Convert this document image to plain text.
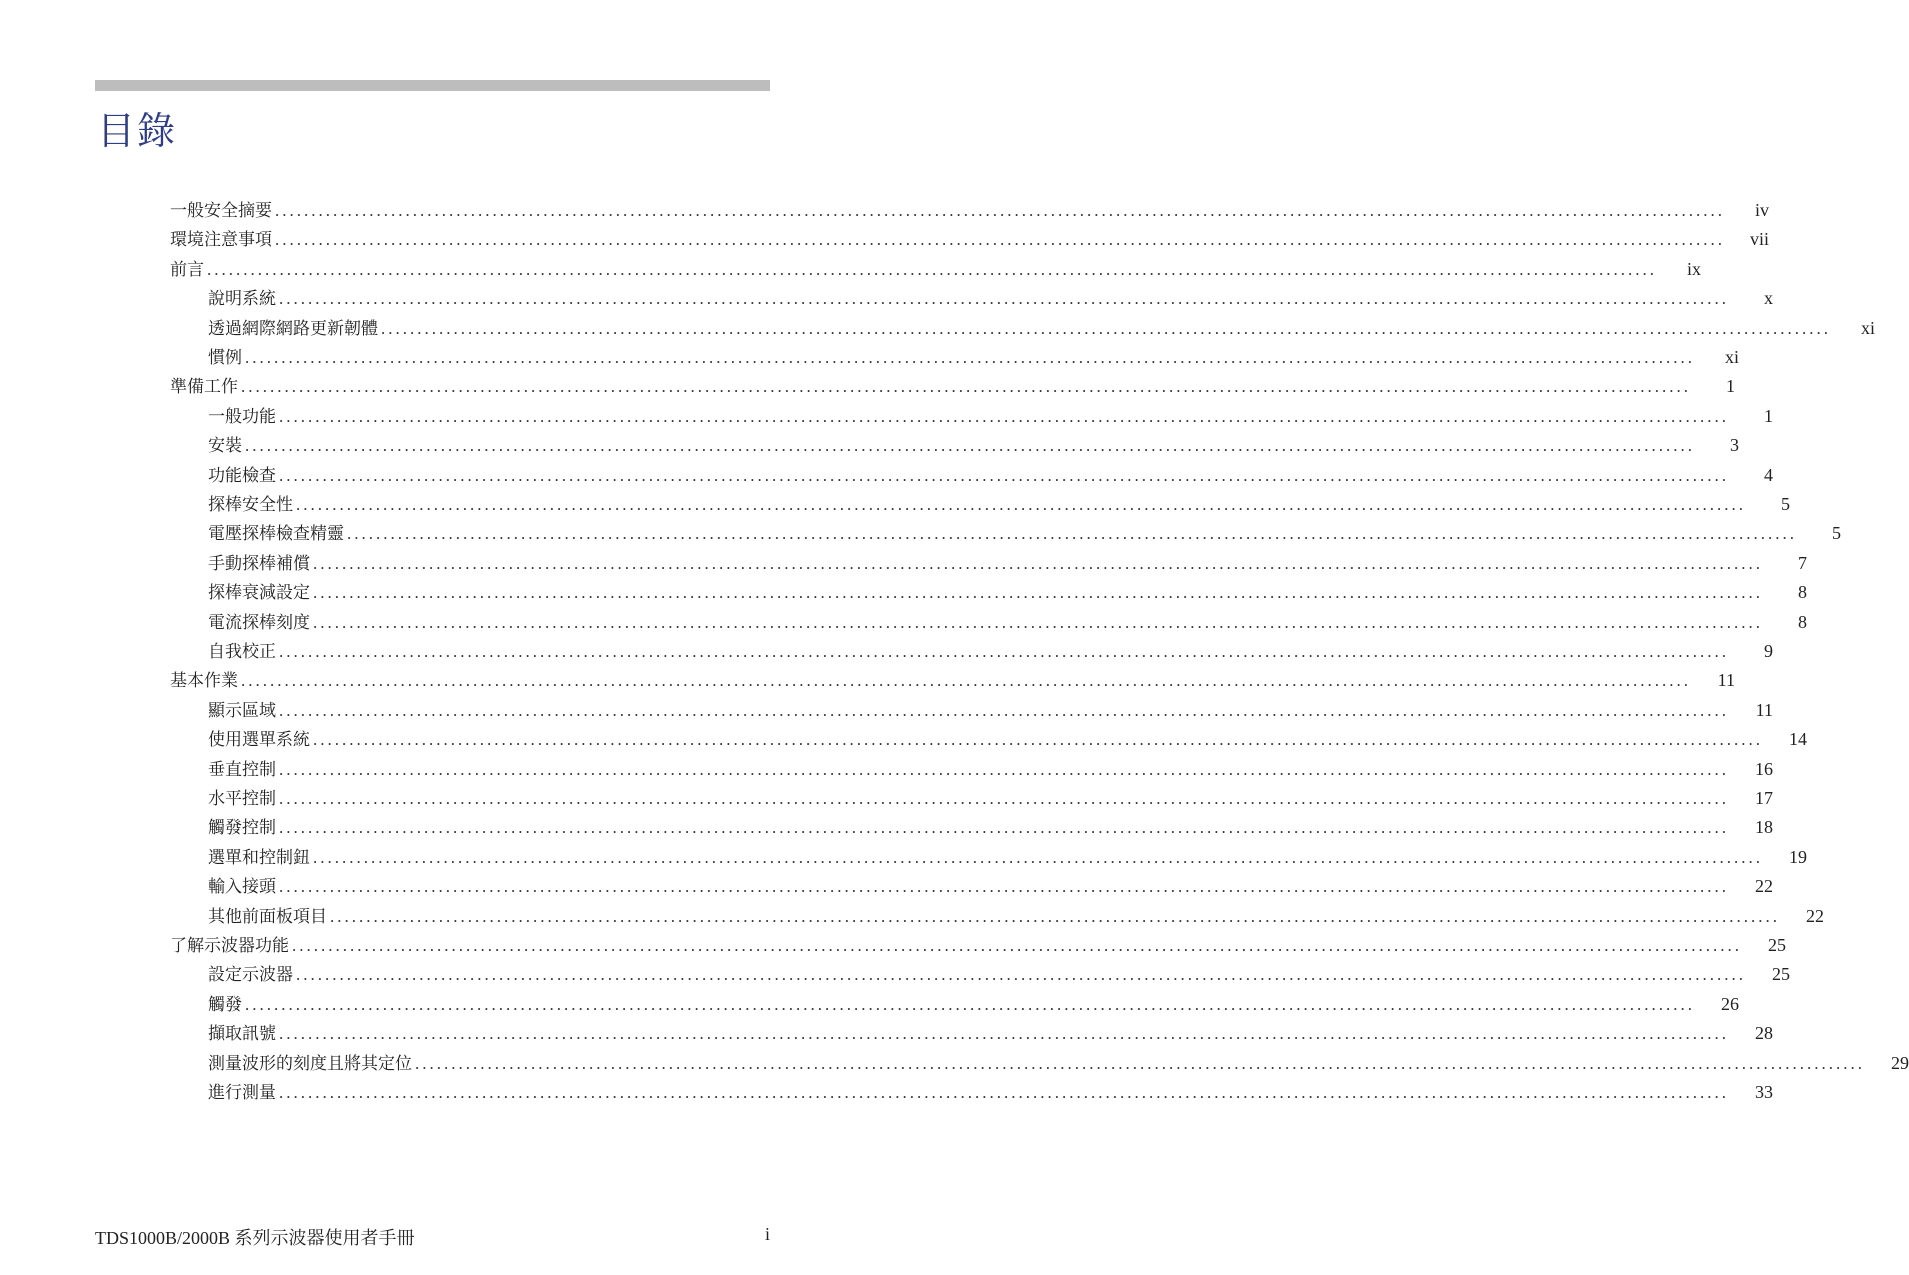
目錄
一般安全摘要 ........................................................................................................................................................................................................	iv
環境注意事項 ........................................................................................................................................................................................................	vii
前言 ........................................................................................................................................................................................................	ix
說明系統 ........................................................................................................................................................................................................	x
透過網際網路更新韌體 ........................................................................................................................................................................................................	xi
慣例 ........................................................................................................................................................................................................	xi
準備工作 ........................................................................................................................................................................................................	1
一般功能 ........................................................................................................................................................................................................	1
安裝 ........................................................................................................................................................................................................	3
功能檢查 ........................................................................................................................................................................................................	4
探棒安全性 ........................................................................................................................................................................................................	5
電壓探棒檢查精靈 ........................................................................................................................................................................................................	5
手動探棒補償 ........................................................................................................................................................................................................	7
探棒衰減設定 ........................................................................................................................................................................................................	8
電流探棒刻度 ........................................................................................................................................................................................................	8
自我校正 ........................................................................................................................................................................................................	9
基本作業 ........................................................................................................................................................................................................	11
顯示區域 ........................................................................................................................................................................................................	11
使用選單系統 ........................................................................................................................................................................................................	14
垂直控制 ........................................................................................................................................................................................................	16
水平控制 ........................................................................................................................................................................................................	17
觸發控制 ........................................................................................................................................................................................................	18
選單和控制鈕 ........................................................................................................................................................................................................	19
輸入接頭 ........................................................................................................................................................................................................	22
其他前面板項目 ........................................................................................................................................................................................................	22
了解示波器功能 ........................................................................................................................................................................................................	25
設定示波器 ........................................................................................................................................................................................................	25
觸發 ........................................................................................................................................................................................................	26
擷取訊號 ........................................................................................................................................................................................................	28
測量波形的刻度且將其定位 ........................................................................................................................................................................................................	29
進行測量 ........................................................................................................................................................................................................	33
TDS1000B/2000B 系列示波器使用者手冊	i
